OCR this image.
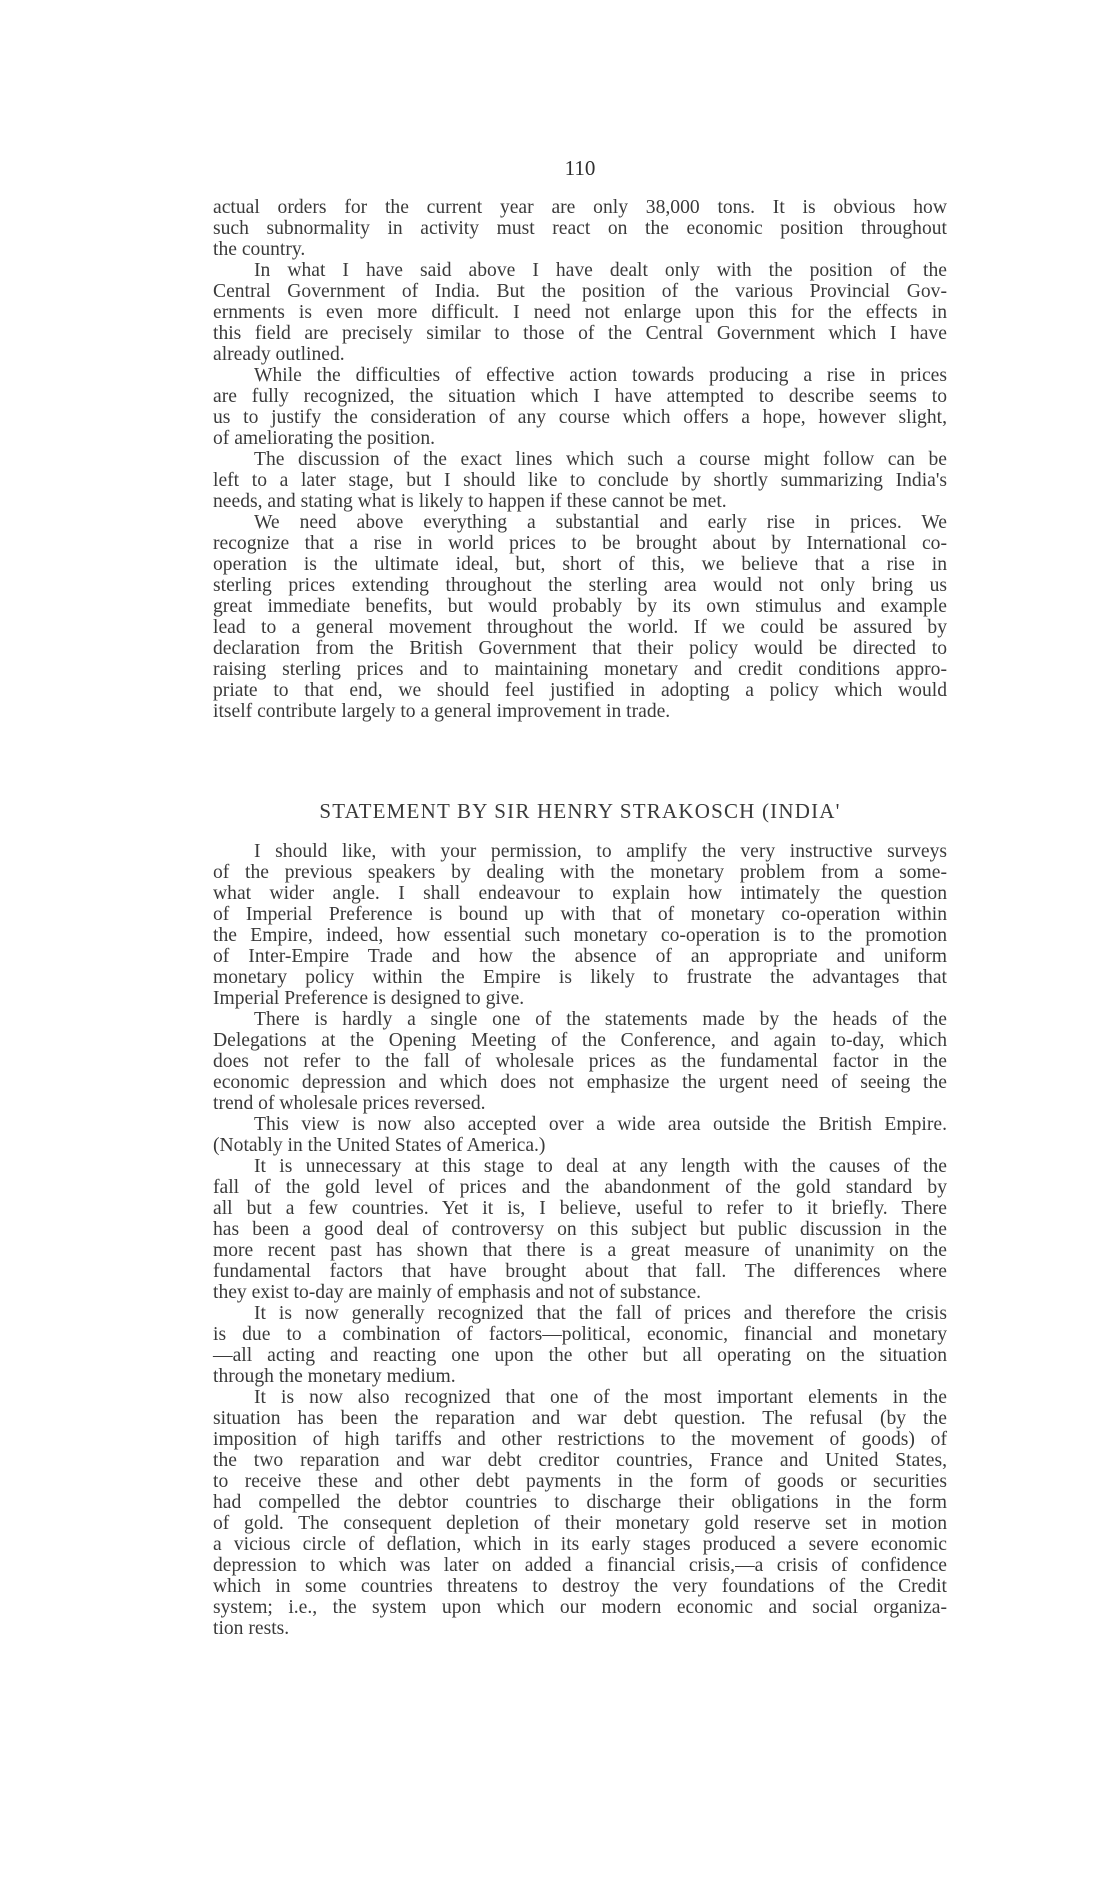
110
actual orders for the current year are only 38,000 tons. It is obvious how
such subnormality in activity must react on the economic position throughout
the country.
In what I have said above I have dealt only with the position of the
Central Government of India. But the position of the various Provincial Gov-
ernments is even more difficult. I need not enlarge upon this for the effects in
this field are precisely similar to those of the Central Government which I have
already outlined.
While the difficulties of effective action towards producing a rise in prices
are fully recognized, the situation which I have attempted to describe seems to
us to justify the consideration of any course which offers a hope, however slight,
of ameliorating the position.
The discussion of the exact lines which such a course might follow can be
left to a later stage, but I should like to conclude by shortly summarizing India's
needs, and stating what is likely to happen if these cannot be met.
We need above everything a substantial and early rise in prices. We
recognize that a rise in world prices to be brought about by International co-
operation is the ultimate ideal, but, short of this, we believe that a rise in
sterling prices extending throughout the sterling area would not only bring us
great immediate benefits, but would probably by its own stimulus and example
lead to a general movement throughout the world. If we could be assured by
declaration from the British Government that their policy would be directed to
raising sterling prices and to maintaining monetary and credit conditions appro-
priate to that end, we should feel justified in adopting a policy which would
itself contribute largely to a general improvement in trade.
STATEMENT BY SIR HENRY STRAKOSCH (INDIA'
I should like, with your permission, to amplify the very instructive surveys
of the previous speakers by dealing with the monetary problem from a some-
what wider angle. I shall endeavour to explain how intimately the question
of Imperial Preference is bound up with that of monetary co-operation within
the Empire, indeed, how essential such monetary co-operation is to the promotion
of Inter-Empire Trade and how the absence of an appropriate and uniform
monetary policy within the Empire is likely to frustrate the advantages that
Imperial Preference is designed to give.
There is hardly a single one of the statements made by the heads of the
Delegations at the Opening Meeting of the Conference, and again to-day, which
does not refer to the fall of wholesale prices as the fundamental factor in the
economic depression and which does not emphasize the urgent need of seeing the
trend of wholesale prices reversed.
This view is now also accepted over a wide area outside the British Empire.
(Notably in the United States of America.)
It is unnecessary at this stage to deal at any length with the causes of the
fall of the gold level of prices and the abandonment of the gold standard by
all but a few countries. Yet it is, I believe, useful to refer to it briefly. There
has been a good deal of controversy on this subject but public discussion in the
more recent past has shown that there is a great measure of unanimity on the
fundamental factors that have brought about that fall. The differences where
they exist to-day are mainly of emphasis and not of substance.
It is now generally recognized that the fall of prices and therefore the crisis
is due to a combination of factors—political, economic, financial and monetary
—all acting and reacting one upon the other but all operating on the situation
through the monetary medium.
It is now also recognized that one of the most important elements in the
situation has been the reparation and war debt question. The refusal (by the
imposition of high tariffs and other restrictions to the movement of goods) of
the two reparation and war debt creditor countries, France and United States,
to receive these and other debt payments in the form of goods or securities
had compelled the debtor countries to discharge their obligations in the form
of gold. The consequent depletion of their monetary gold reserve set in motion
a vicious circle of deflation, which in its early stages produced a severe economic
depression to which was later on added a financial crisis,—a crisis of confidence
which in some countries threatens to destroy the very foundations of the Credit
system; i.e., the system upon which our modern economic and social organiza-
tion rests.
